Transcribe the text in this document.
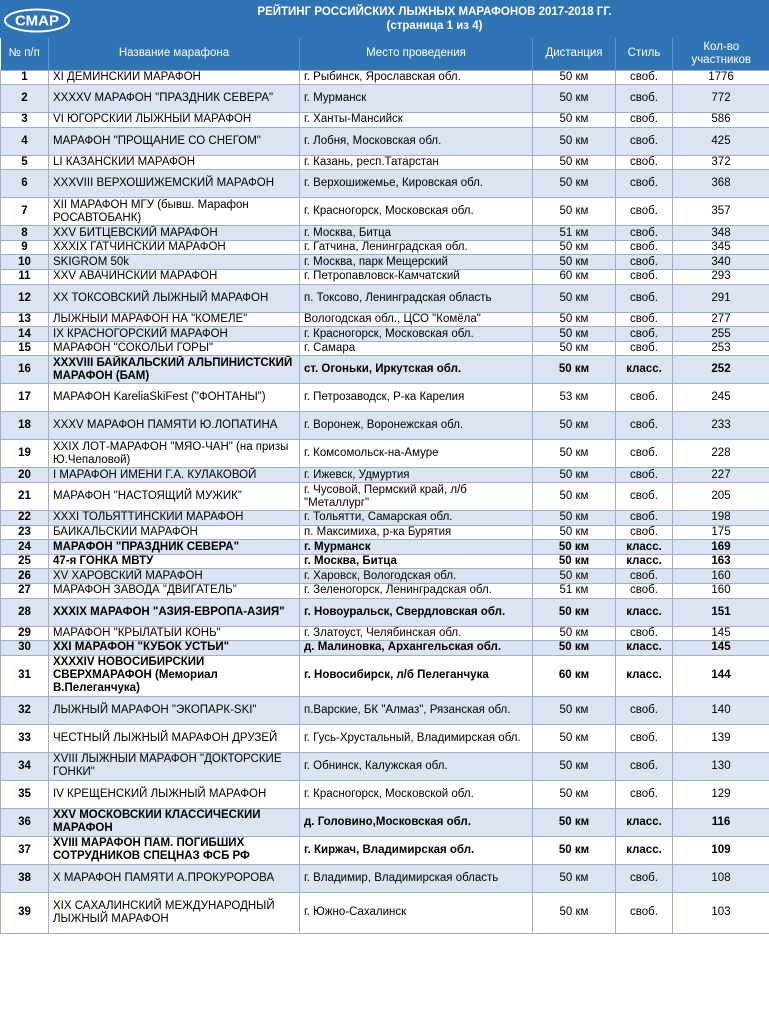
СМАР
РЕЙТИНГ РОССИЙСКИХ ЛЫЖНЫХ МАРАФОНОВ 2017-2018 ГГ.
(страница 1 из 4)
№ п/п	Название марафона	Место проведения	Дистанция	Стиль	Кол-во участников
1	XI ДЁМИНСКИЙ МАРАФОН	г. Рыбинск, Ярославская обл.	50 км	своб.	1776
2	XXXXV МАРАФОН "ПРАЗДНИК СЕВЕРА"	г. Мурманск	50 км	своб.	772
3	VI ЮГОРСКИЙ ЛЫЖНЫЙ МАРАФОН	г. Ханты-Мансийск	50 км	своб.	586
4	МАРАФОН "ПРОЩАНИЕ СО СНЕГОМ"	г. Лобня, Московская обл.	50 км	своб.	425
5	LI КАЗАНСКИЙ МАРАФОН	г. Казань, респ.Татарстан	50 км	своб.	372
6	XXXVIII ВЕРХОШИЖЕМСКИЙ МАРАФОН	г. Верхошижемье, Кировская обл.	50 км	своб.	368
7	XII МАРАФОН МГУ (бывш. Марафон РОСАВТОБАНК)	г. Красногорск, Московская обл.	50 км	своб.	357
8	XXV БИТЦЕВСКИЙ МАРАФОН	г. Москва, Битца	51 км	своб.	348
9	XXXIX ГАТЧИНСКИЙ МАРАФОН	г. Гатчина, Ленинградская обл.	50 км	своб.	345
10	SKIGROM 50k	г. Москва, парк Мещерский	50 км	своб.	340
11	XXV АВАЧИНСКИЙ МАРАФОН	г. Петропавловск-Камчатский	60 км	своб.	293
12	XX ТОКСОВСКИЙ ЛЫЖНЫЙ МАРАФОН	п. Токсово, Ленинградская область	50 км	своб.	291
13	ЛЫЖНЫЙ МАРАФОН НА "КОМЁЛЕ"	Вологодская обл., ЦСО "Комёла"	50 км	своб.	277
14	IX КРАСНОГОРСКИЙ МАРАФОН	г. Красногорск, Московская обл.	50 км	своб.	255
15	МАРАФОН "СОКОЛЬИ ГОРЫ"	г. Самара	50 км	своб.	253
16	XXXVIII БАЙКАЛЬСКИЙ АЛЬПИНИСТСКИЙ МАРАФОН (БАМ)	ст. Огоньки, Иркутская обл.	50 км	класс.	252
17	МАРАФОН KareliaSkiFest ("ФОНТАНЫ")	г. Петрозаводск, Р-ка Карелия	53 км	своб.	245
18	XXXV МАРАФОН ПАМЯТИ Ю.ЛОПАТИНА	г. Воронеж, Воронежская обл.	50 км	своб.	233
19	XXIX ЛОТ-МАРАФОН "МЯО-ЧАН" (на призы Ю.Чепаловой)	г. Комсомольск-на-Амуре	50 км	своб.	228
20	I МАРАФОН ИМЕНИ Г.А. КУЛАКОВОЙ	г. Ижевск, Удмуртия	50 км	своб.	227
21	МАРАФОН "НАСТОЯЩИЙ МУЖИК"	г. Чусовой, Пермский край, л/б "Металлург"	50 км	своб.	205
22	XXXI ТОЛЬЯТТИНСКИЙ МАРАФОН	г. Тольятти, Самарская обл.	50 км	своб.	198
23	БАЙКАЛЬСКИЙ МАРАФОН	п. Максимиха, р-ка Бурятия	50 км	своб.	175
24	МАРАФОН "ПРАЗДНИК СЕВЕРА"	г. Мурманск	50 км	класс.	169
25	47-я ГОНКА МВТУ	г. Москва, Битца	50 км	класс.	163
26	XV ХАРОВСКИЙ МАРАФОН	г. Харовск, Вологодская обл.	50 км	своб.	160
27	МАРАФОН ЗАВОДА "ДВИГАТЕЛЬ"	г. Зеленогорск, Ленинградская обл.	51 км	своб.	160
28	XXXIX МАРАФОН "АЗИЯ-ЕВРОПА-АЗИЯ"	г. Новоуральск, Свердловская обл.	50 км	класс.	151
29	МАРАФОН "КРЫЛАТЫЙ КОНЬ"	г. Златоуст, Челябинская обл.	50 км	своб.	145
30	XXI МАРАФОН "КУБОК УСТЬИ"	д. Малиновка, Архангельская обл.	50 км	класс.	145
31	XXXXIV НОВОСИБИРСКИЙ СВЕРХМАРАФОН (Мемориал В.Пелеганчука)	г. Новосибирск, л/б Пелеганчука	60 км	класс.	144
32	ЛЫЖНЫЙ МАРАФОН "ЭКОПАРК-SKI"	п.Варские, БК "Алмаз", Рязанская обл.	50 км	своб.	140
33	ЧЕСТНЫЙ ЛЫЖНЫЙ МАРАФОН ДРУЗЕЙ	г. Гусь-Хрустальный, Владимирская обл.	50 км	своб.	139
34	XVIII ЛЫЖНЫЙ МАРАФОН "ДОКТОРСКИЕ ГОНКИ"	г. Обнинск, Калужская обл.	50 км	своб.	130
35	IV КРЕЩЕНСКИЙ ЛЫЖНЫЙ МАРАФОН	г. Красногорск, Московской обл.	50 км	своб.	129
36	XXV МОСКОВСКИЙ КЛАССИЧЕСКИЙ МАРАФОН	д. Головино,Московская обл.	50 км	класс.	116
37	XVIII МАРАФОН ПАМ. ПОГИБШИХ СОТРУДНИКОВ СПЕЦНАЗ ФСБ РФ	г. Киржач, Владимирская обл.	50 км	класс.	109
38	X МАРАФОН ПАМЯТИ А.ПРОКУРОРОВА	г. Владимир, Владимирская область	50 км	своб.	108
39	XIX САХАЛИНСКИЙ МЕЖДУНАРОДНЫЙ ЛЫЖНЫЙ МАРАФОН	г. Южно-Сахалинск	50 км	своб.	103
